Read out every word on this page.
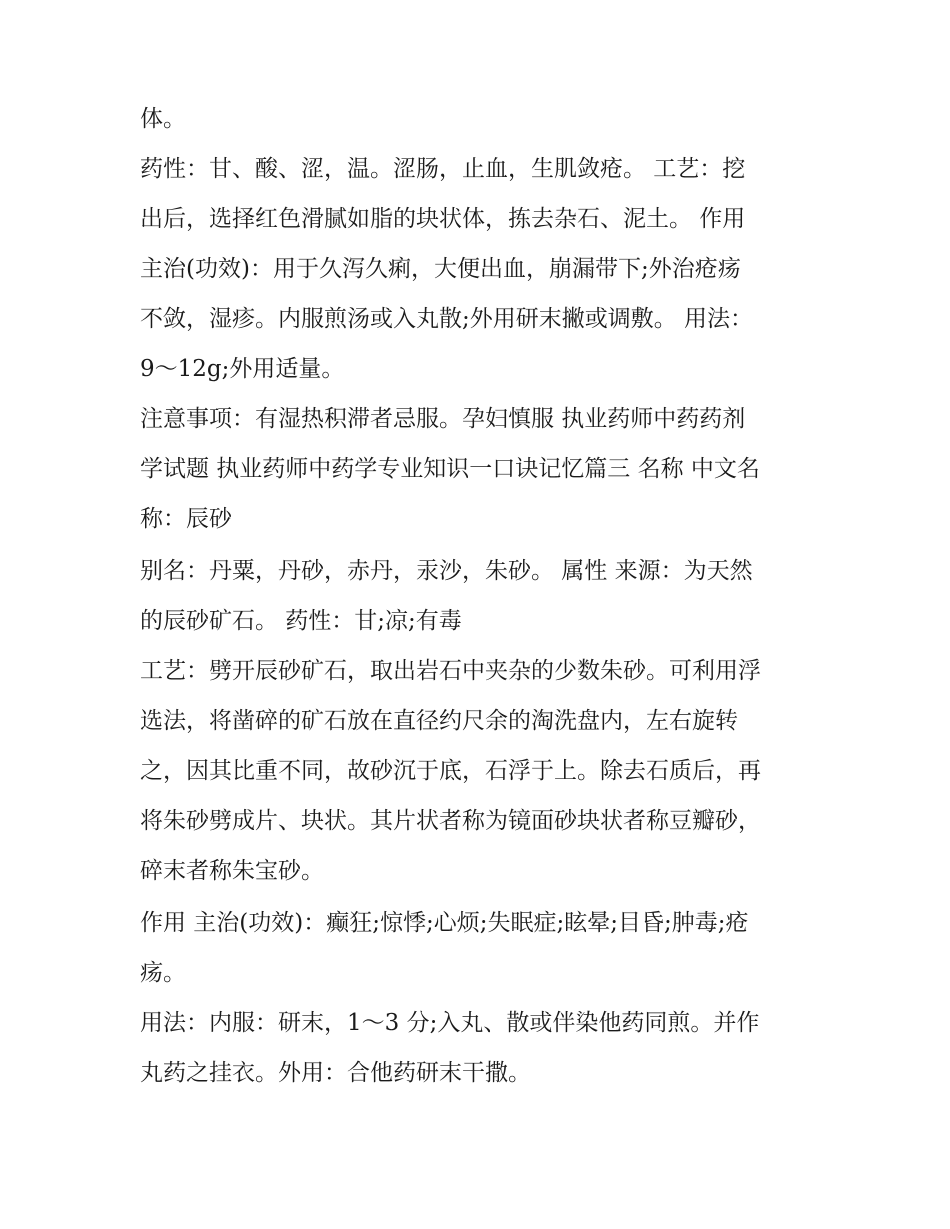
体。
药性：甘、酸、涩，温。涩肠，止血，生肌敛疮。 工艺：挖
出后，选择红色滑腻如脂的块状体，拣去杂石、泥土。 作用
主治(功效)：用于久泻久痢，大便出血，崩漏带下;外治疮疡
不敛，湿疹。内服煎汤或入丸散;外用研末撇或调敷。 用法：
9～12g;外用适量。
注意事项：有湿热积滞者忌服。孕妇慎服 执业药师中药药剂
学试题 执业药师中药学专业知识一口诀记忆篇三 名称 中文名
称：辰砂
别名：丹粟，丹砂，赤丹，汞沙，朱砂。 属性 来源：为天然
的辰砂矿石。 药性：甘;凉;有毒
工艺：劈开辰砂矿石，取出岩石中夹杂的少数朱砂。可利用浮
选法，将凿碎的矿石放在直径约尺余的淘洗盘内，左右旋转
之，因其比重不同，故砂沉于底，石浮于上。除去石质后，再
将朱砂劈成片、块状。其片状者称为镜面砂块状者称豆瓣砂，
碎末者称朱宝砂。
作用 主治(功效)：癫狂;惊悸;心烦;失眠症;眩晕;目昏;肿毒;疮
疡。
用法：内服：研末，1～3 分;入丸、散或伴染他药同煎。并作
丸药之挂衣。外用：合他药研末干撒。
